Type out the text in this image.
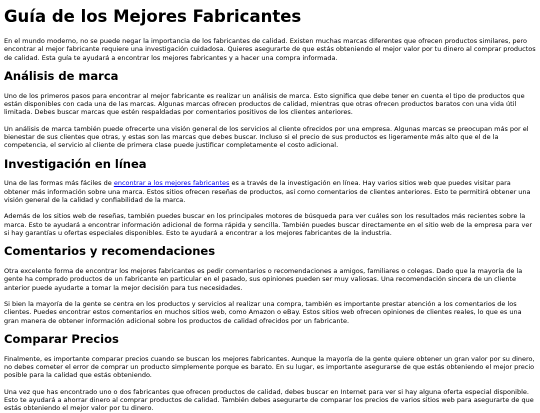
Guía de los Mejores Fabricantes

En el mundo moderno, no se puede negar la importancia de los fabricantes de calidad. Existen muchas marcas diferentes que ofrecen productos similares, pero encontrar al mejor fabricante requiere una investigación cuidadosa. Quieres asegurarte de que estás obteniendo el mejor valor por tu dinero al comprar productos de calidad. Esta guía te ayudará a encontrar los mejores fabricantes y a hacer una compra informada.

Análisis de marca

Uno de los primeros pasos para encontrar al mejor fabricante es realizar un análisis de marca. Esto significa que debe tener en cuenta el tipo de productos que están disponibles con cada una de las marcas. Algunas marcas ofrecen productos de calidad, mientras que otras ofrecen productos baratos con una vida útil limitada. Debes buscar marcas que estén respaldadas por comentarios positivos de los clientes anteriores.

Un análisis de marca también puede ofrecerte una visión general de los servicios al cliente ofrecidos por una empresa. Algunas marcas se preocupan más por el bienestar de sus clientes que otras, y estas son las marcas que debes buscar. Incluso si el precio de sus productos es ligeramente más alto que el de la competencia, el servicio al cliente de primera clase puede justificar completamente el costo adicional.

Investigación en línea

Una de las formas más fáciles de encontrar a los mejores fabricantes es a través de la investigación en línea. Hay varios sitios web que puedes visitar para obtener más información sobre una marca. Estos sitios ofrecen reseñas de productos, así como comentarios de clientes anteriores. Esto te permitirá obtener una visión general de la calidad y confiabilidad de la marca.

Además de los sitios web de reseñas, también puedes buscar en los principales motores de búsqueda para ver cuáles son los resultados más recientes sobre la marca. Esto te ayudará a encontrar información adicional de forma rápida y sencilla. También puedes buscar directamente en el sitio web de la empresa para ver si hay garantías u ofertas especiales disponibles. Esto te ayudará a encontrar a los mejores fabricantes de la industria.

Comentarios y recomendaciones

Otra excelente forma de encontrar los mejores fabricantes es pedir comentarios o recomendaciones a amigos, familiares o colegas. Dado que la mayoría de la gente ha comprado productos de un fabricante en particular en el pasado, sus opiniones pueden ser muy valiosas. Una recomendación sincera de un cliente anterior puede ayudarte a tomar la mejor decisión para tus necesidades.

Si bien la mayoría de la gente se centra en los productos y servicios al realizar una compra, también es importante prestar atención a los comentarios de los clientes. Puedes encontrar estos comentarios en muchos sitios web, como Amazon o eBay. Estos sitios web ofrecen opiniones de clientes reales, lo que es una gran manera de obtener información adicional sobre los productos de calidad ofrecidos por un fabricante.

Comparar Precios

Finalmente, es importante comparar precios cuando se buscan los mejores fabricantes. Aunque la mayoría de la gente quiere obtener un gran valor por su dinero, no debes cometer el error de comprar un producto simplemente porque es barato. En su lugar, es importante asegurarse de que estás obteniendo el mejor precio posible para la calidad que estás obteniendo.

Una vez que has encontrado uno o dos fabricantes que ofrecen productos de calidad, debes buscar en Internet para ver si hay alguna oferta especial disponible. Esto te ayudará a ahorrar dinero al comprar productos de calidad. También debes asegurarte de comparar los precios de varios sitios web para asegurarte de que estás obteniendo el mejor valor por tu dinero.
